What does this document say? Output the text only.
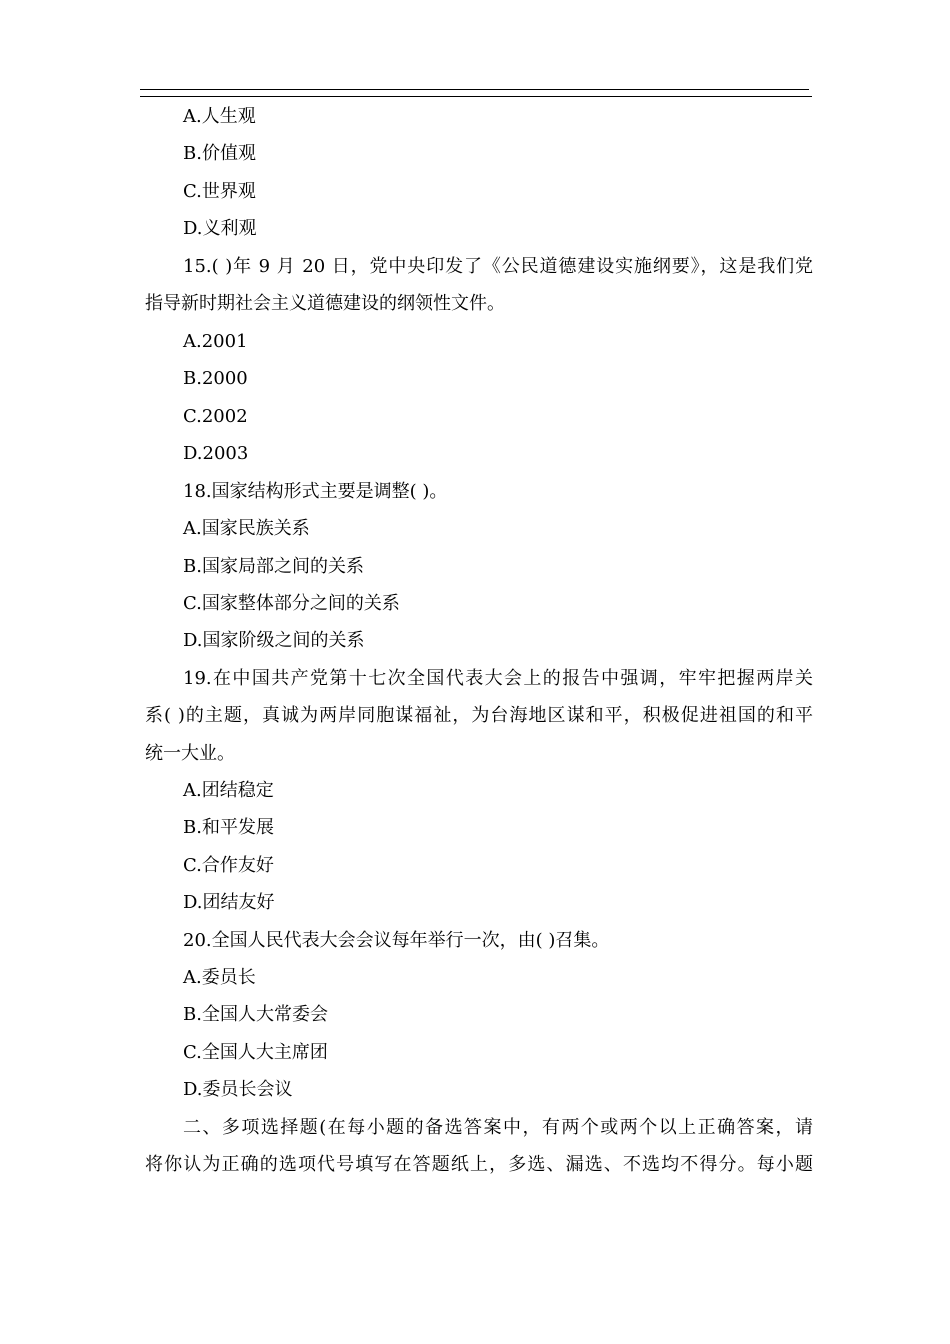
A.人生观
B.价值观
C.世界观
D.义利观
15.( )年 9 月 20 日，党中央印发了《公民道德建设实施纲要》，这是我们党
指导新时期社会主义道德建设的纲领性文件。
A.2001
B.2000
C.2002
D.2003
18.国家结构形式主要是调整( )。
A.国家民族关系
B.国家局部之间的关系
C.国家整体部分之间的关系
D.国家阶级之间的关系
19.在中国共产党第十七次全国代表大会上的报告中强调，牢牢把握两岸关
系( )的主题，真诚为两岸同胞谋福祉，为台海地区谋和平，积极促进祖国的和平
统一大业。
A.团结稳定
B.和平发展
C.合作友好
D.团结友好
20.全国人民代表大会会议每年举行一次，由( )召集。
A.委员长
B.全国人大常委会
C.全国人大主席团
D.委员长会议
二、多项选择题(在每小题的备选答案中，有两个或两个以上正确答案，请
将你认为正确的选项代号填写在答题纸上，多选、漏选、不选均不得分。每小题
